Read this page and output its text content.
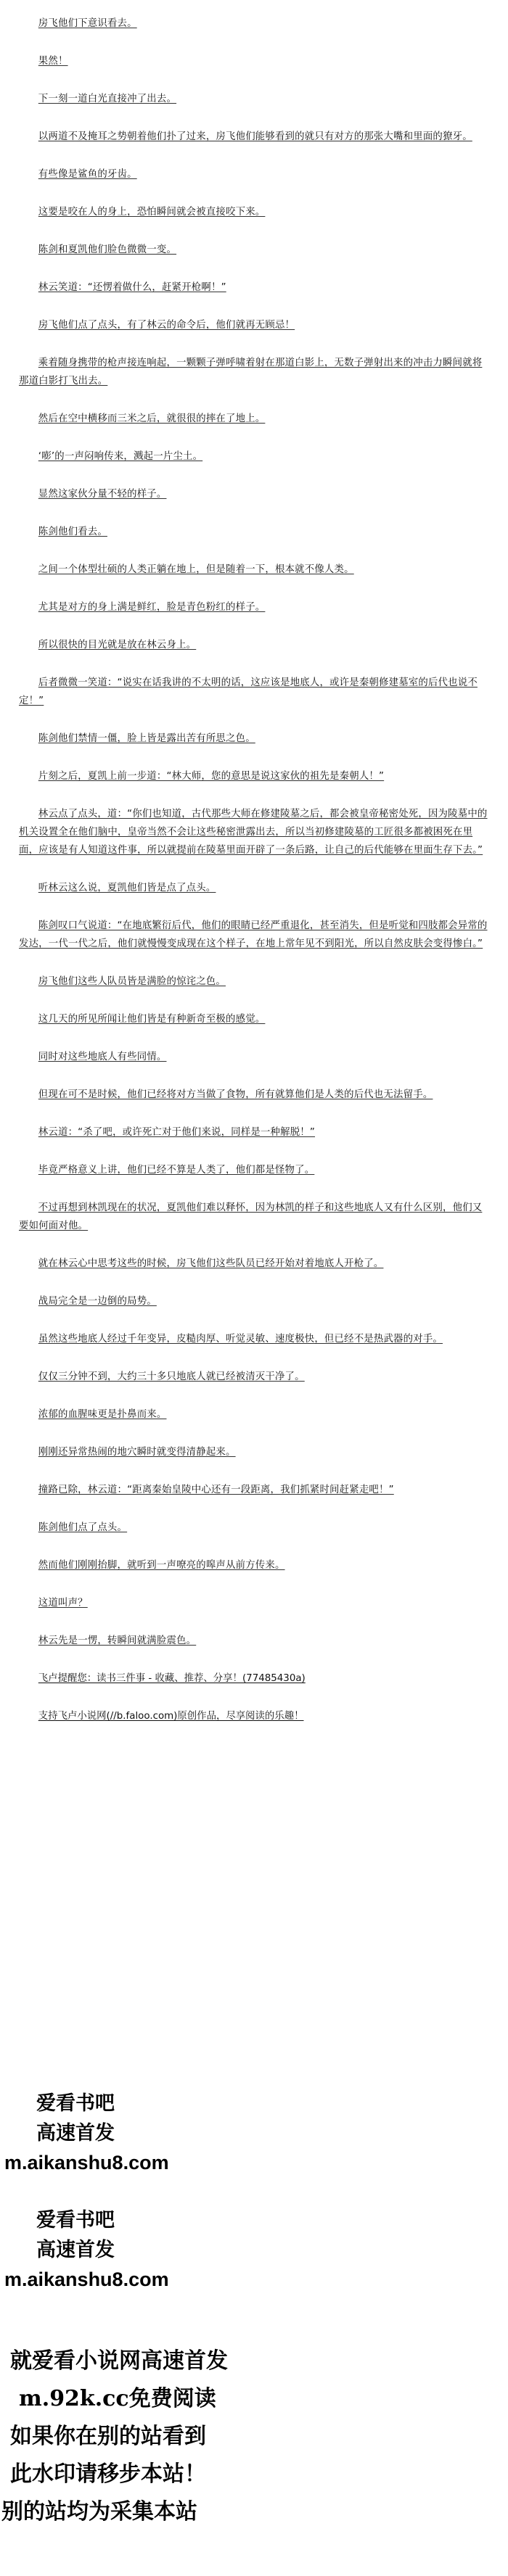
房飞他们下意识看去。

果然！

下一刻一道白光直接冲了出去。

以两道不及掩耳之势朝着他们扑了过来，房飞他们能够看到的就只有对方的那张大嘴和里面的獠牙。

有些像是鲨鱼的牙齿。

这要是咬在人的身上，恐怕瞬间就会被直接咬下来。

陈剑和夏凯他们脸色微微一变。

林云笑道：“还愣着做什么，赶紧开枪啊！”

房飞他们点了点头，有了林云的命令后，他们就再无顾忌！

乘着随身携带的枪声接连响起，一颗颗子弹呼啸着射在那道白影上，无数子弹射出来的冲击力瞬间就将那道白影打飞出去。

然后在空中横移而三米之后，就很很的摔在了地上。

‘嘭’的一声闷响传来，溅起一片尘土。

显然这家伙分量不轻的样子。

陈剑他们看去。

之间一个体型壮硕的人类正躺在地上，但是随着一下，根本就不像人类。

尤其是对方的身上满是鲜红，脸是青色粉红的样子。

所以很快的目光就是放在林云身上。

后者微微一笑道：“说实在话我讲的不太明的话，这应该是地底人，或许是秦朝修建墓室的后代也说不定！”

陈剑他们禁情一僵，脸上皆是露出苦有所思之色。

片刻之后，夏凯上前一步道：“林大师，您的意思是说这家伙的祖先是秦朝人！”

林云点了点头，道：“你们也知道，古代那些大师在修建陵墓之后，都会被皇帝秘密处死，因为陵墓中的机关设置全在他们脑中，皇帝当然不会让这些秘密泄露出去，所以当初修建陵墓的工匠很多都被困死在里面，应该是有人知道这件事，所以就提前在陵墓里面开辟了一条后路，让自己的后代能够在里面生存下去。”

听林云这么说，夏凯他们皆是点了点头。

陈剑叹口气说道：“在地底繁衍后代，他们的眼睛已经严重退化，甚至消失，但是听觉和四肢都会异常的发达，一代一代之后，他们就慢慢变成现在这个样子，在地上常年见不到阳光，所以自然皮肤会变得惨白。”

房飞他们这些人队员皆是满脸的惊诧之色。

这几天的所见所闻让他们皆是有种新奇至极的感觉。

同时对这些地底人有些同情。

但现在可不是时候，他们已经将对方当做了食物，所有就算他们是人类的后代也无法留手。

林云道：“杀了吧，或许死亡对于他们来说，同样是一种解脱！”

毕竟严格意义上讲，他们已经不算是人类了，他们都是怪物了。

不过再想到林凯现在的状况，夏凯他们难以释怀，因为林凯的样子和这些地底人又有什么区别，他们又要如何面对他。

就在林云心中思考这些的时候，房飞他们这些队员已经开始对着地底人开枪了。

战局完全是一边倒的局势。

虽然这些地底人经过千年变异，皮糙肉厚、听觉灵敏、速度极快，但已经不是热武器的对手。

仅仅三分钟不到，大约三十多只地底人就已经被清灭干净了。

浓郁的血腥味更是扑鼻而来。

刚刚还异常热闹的地穴瞬时就变得清静起来。

撞路已除，林云道：“距离秦始皇陵中心还有一段距离，我们抓紧时间赶紧走吧！”

陈剑他们点了点头。

然而他们刚刚抬脚，就听到一声嘹亮的嗥声从前方传来。

这道叫声？

林云先是一愣，转瞬间就满脸震色。

飞卢提醒您：读书三件事 - 收藏、推荐、分享！(77485430a)

支持飞卢小说网(//b.faloo.com)原创作品，尽享阅读的乐趣！

爱看书吧
高速首发
m.aikanshu8.com
爱看书吧
高速首发
m.aikanshu8.com
就爱看小说网高速首发
m.92k.cc免费阅读
如果你在别的站看到
此水印请移步本站！
别的站均为采集本站
